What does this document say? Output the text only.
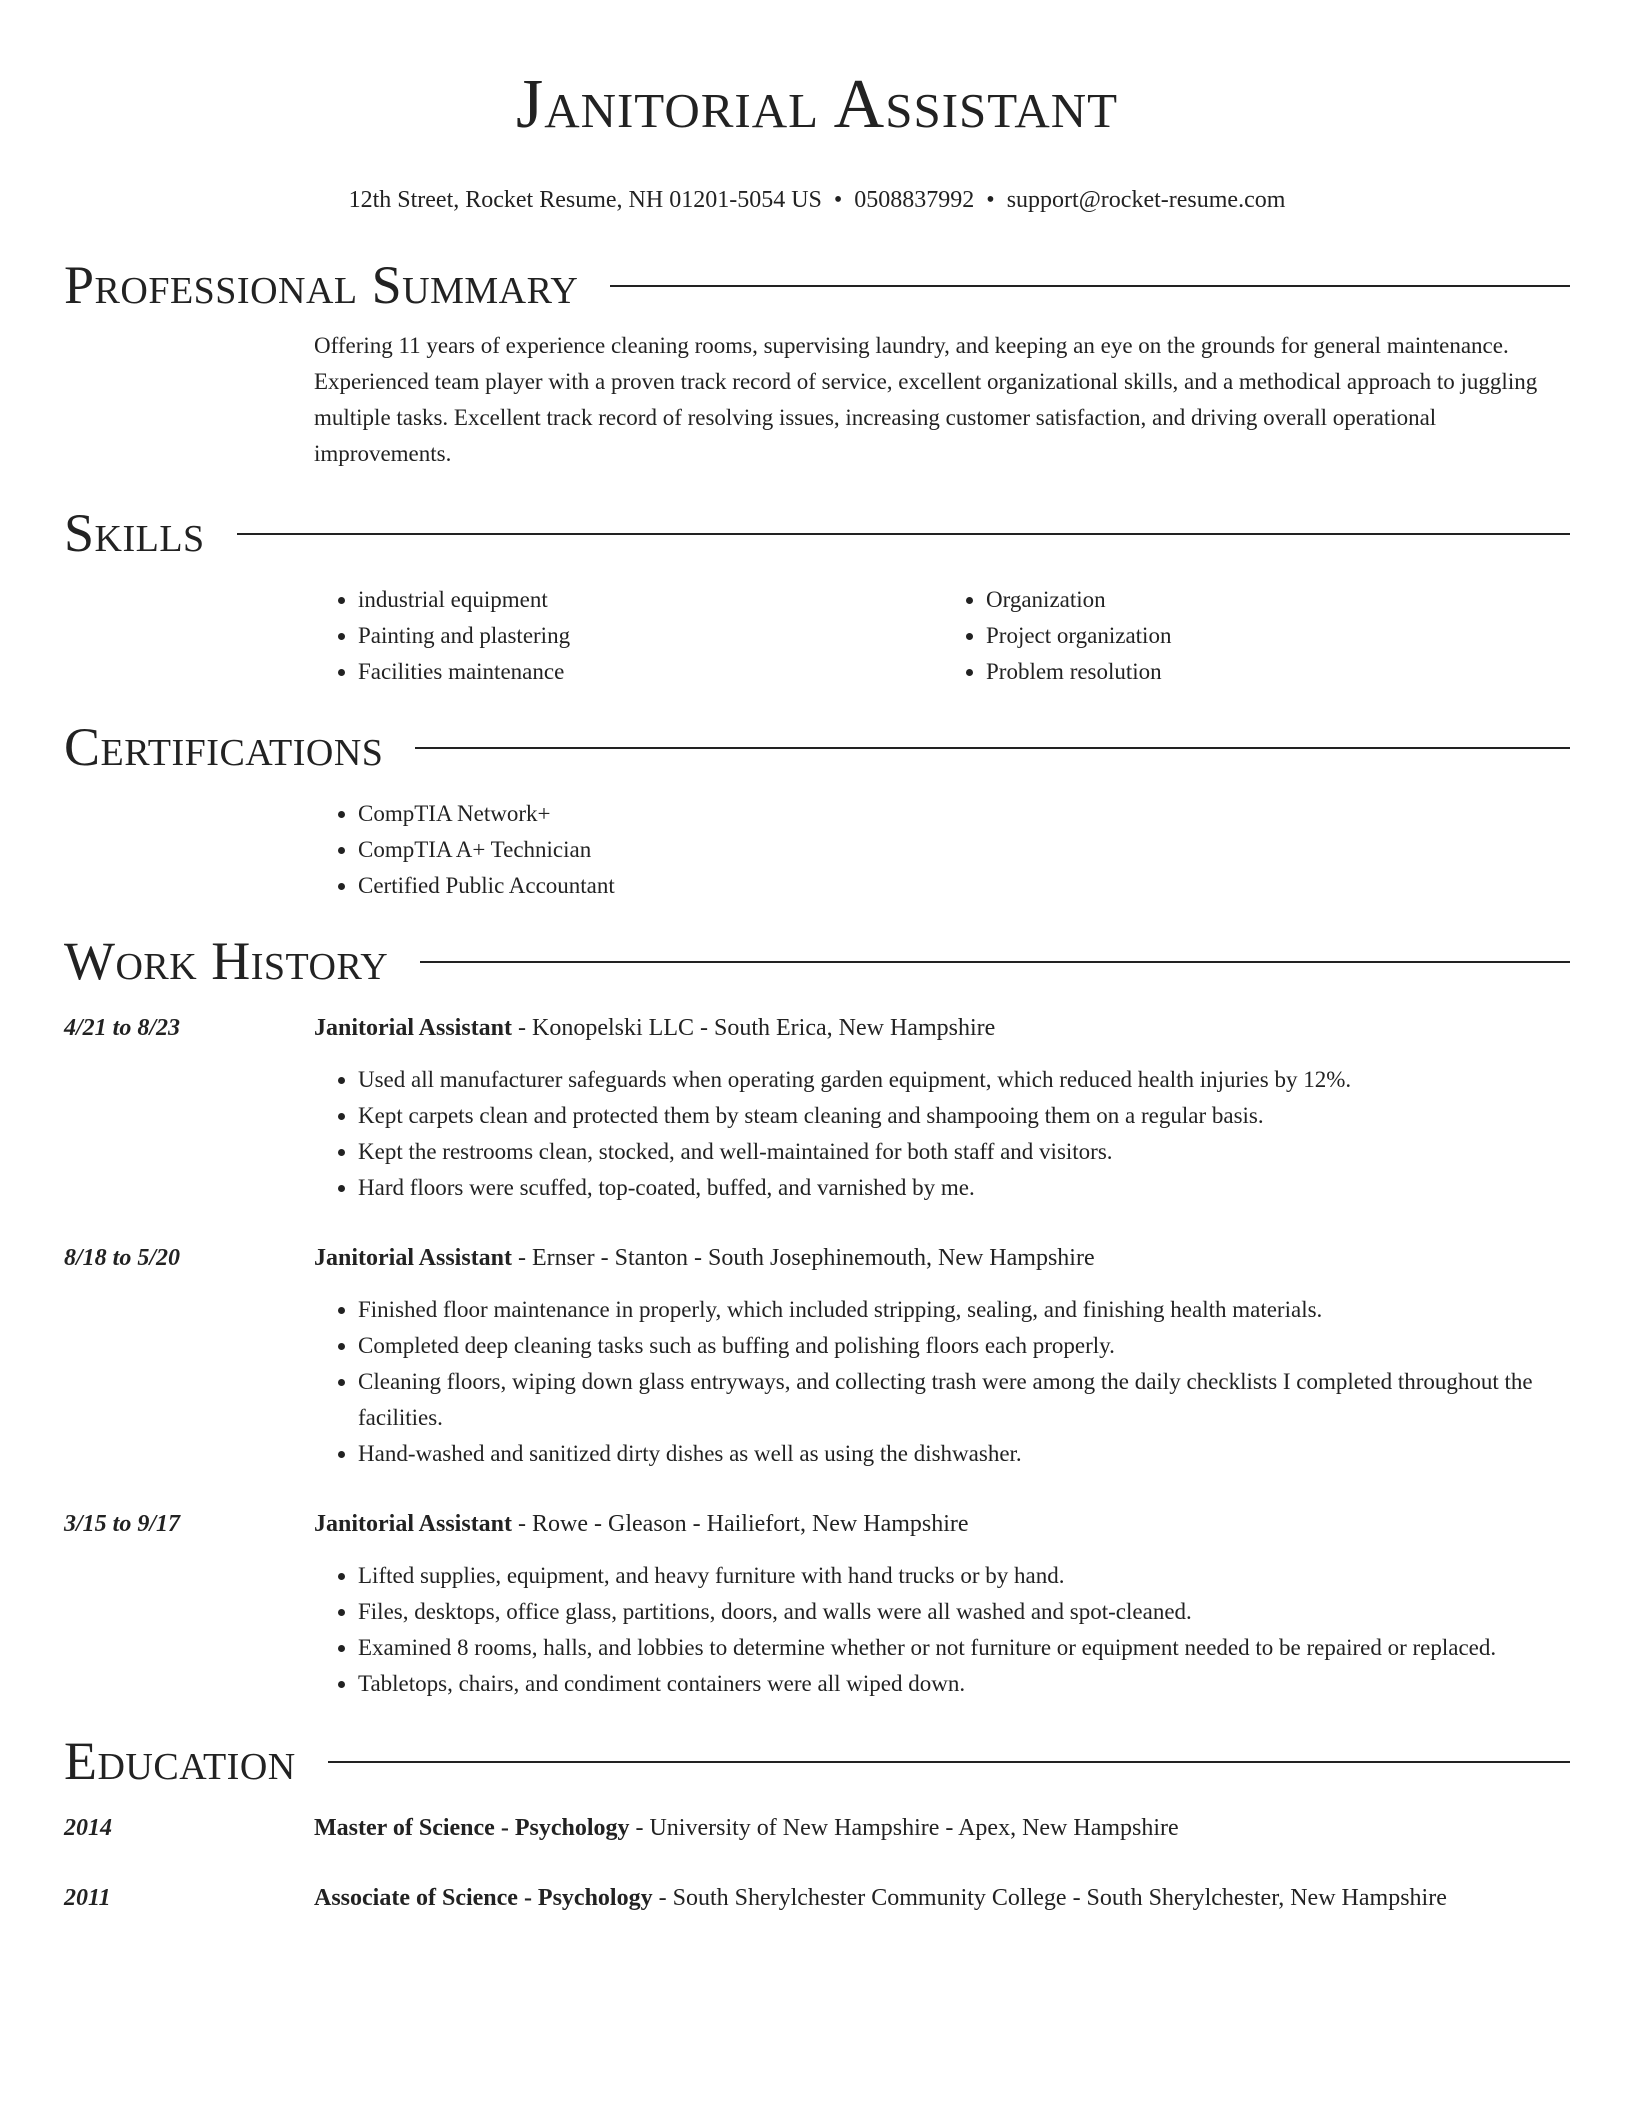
Janitorial Assistant
12th Street, Rocket Resume, NH 01201-5054 US • 0508837992 • support@rocket-resume.com
Professional Summary
Offering 11 years of experience cleaning rooms, supervising laundry, and keeping an eye on the grounds for general maintenance. Experienced team player with a proven track record of service, excellent organizational skills, and a methodical approach to juggling multiple tasks. Excellent track record of resolving issues, increasing customer satisfaction, and driving overall operational improvements.
Skills
• industrial equipment
• Painting and plastering
• Facilities maintenance
• Organization
• Project organization
• Problem resolution
Certifications
• CompTIA Network+
• CompTIA A+ Technician
• Certified Public Accountant
Work History
4/21 to 8/23	Janitorial Assistant - Konopelski LLC - South Erica, New Hampshire
• Used all manufacturer safeguards when operating garden equipment, which reduced health injuries by 12%.
• Kept carpets clean and protected them by steam cleaning and shampooing them on a regular basis.
• Kept the restrooms clean, stocked, and well-maintained for both staff and visitors.
• Hard floors were scuffed, top-coated, buffed, and varnished by me.
8/18 to 5/20	Janitorial Assistant - Ernser - Stanton - South Josephinemouth, New Hampshire
• Finished floor maintenance in properly, which included stripping, sealing, and finishing health materials.
• Completed deep cleaning tasks such as buffing and polishing floors each properly.
• Cleaning floors, wiping down glass entryways, and collecting trash were among the daily checklists I completed throughout the facilities.
• Hand-washed and sanitized dirty dishes as well as using the dishwasher.
3/15 to 9/17	Janitorial Assistant - Rowe - Gleason - Hailiefort, New Hampshire
• Lifted supplies, equipment, and heavy furniture with hand trucks or by hand.
• Files, desktops, office glass, partitions, doors, and walls were all washed and spot-cleaned.
• Examined 8 rooms, halls, and lobbies to determine whether or not furniture or equipment needed to be repaired or replaced.
• Tabletops, chairs, and condiment containers were all wiped down.
Education
2014	Master of Science - Psychology - University of New Hampshire - Apex, New Hampshire
2011	Associate of Science - Psychology - South Sherylchester Community College - South Sherylchester, New Hampshire
